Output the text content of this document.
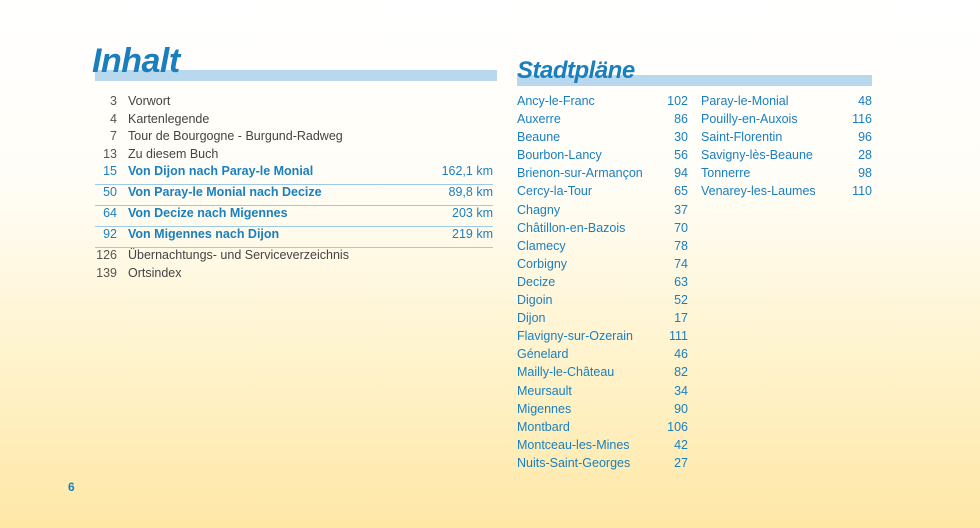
Inhalt	Stadtpläne
3 Vorwort
4 Kartenlegende
7 Tour de Bourgogne - Burgund-Radweg
13 Zu diesem Buch
15 Von Dijon nach Paray-le Monial	162,1 km
50 Von Paray-le Monial nach Decize	89,8 km
64 Von Decize nach Migennes	203 km
92 Von Migennes nach Dijon	219 km
126 Übernachtungs- und Serviceverzeichnis
139 Ortsindex
Ancy-le-Franc	102
Auxerre	86
Beaune	30
Bourbon-Lancy	56
Brienon-sur-Armançon	94
Cercy-la-Tour	65
Chagny	37
Châtillon-en-Bazois	70
Clamecy	78
Corbigny	74
Decize	63
Digoin	52
Dijon	17
Flavigny-sur-Ozerain	111
Génelard	46
Mailly-le-Château	82
Meursault	34
Migennes	90
Montbard	106
Montceau-les-Mines	42
Nuits-Saint-Georges	27
Paray-le-Monial	48
Pouilly-en-Auxois	116
Saint-Florentin	96
Savigny-lès-Beaune	28
Tonnerre	98
Venarey-les-Laumes	110
6
